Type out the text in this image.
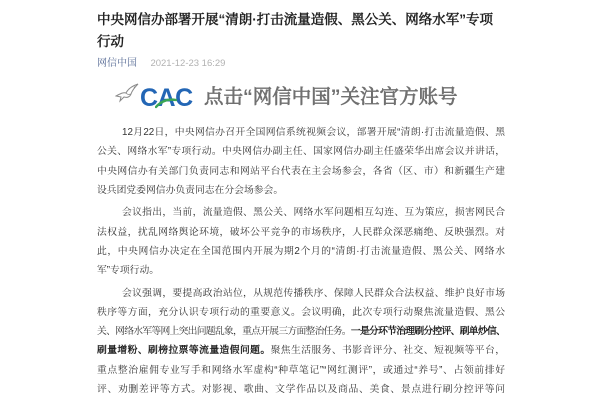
中央网信办部署开展“清朗·打击流量造假、黑公关、网络水军”专项行动
网信中国 2021-12-23 16:29
CAC 点击“网信中国”关注官方账号
12月22日，中央网信办召开全国网信系统视频会议，部署开展“清朗·打击流量造假、黑
公关、网络水军”专项行动。中央网信办副主任、国家网信办副主任盛荣华出席会议并讲话，
中央网信办有关部门负责同志和网站平台代表在主会场参会，各省（区、市）和新疆生产建
设兵团党委网信办负责同志在分会场参会。
会议指出，当前，流量造假、黑公关、网络水军问题相互勾连、互为策应，损害网民合
法权益，扰乱网络舆论环境，破坏公平竞争的市场秩序，人民群众深恶痛绝、反映强烈。对
此，中央网信办决定在全国范围内开展为期2个月的“清朗·打击流量造假、黑公关、网络水
军”专项行动。
会议强调，要提高政治站位，从规范传播秩序、保障人民群众合法权益、维护良好市场
秩序等方面，充分认识专项行动的重要意义。会议明确，此次专项行动聚焦流量造假、黑公
关、网络水军等网上突出问题乱象，重点开展三方面整治任务。一是分环节治理刷分控评、刷单炒信、
刷量增粉、刷榜拉票等流量造假问题。聚焦生活服务、书影音评分、社交、短视频等平台，
重点整治雇佣专业写手和网络水军虚构“种草笔记”“网红测评”，或通过“养号”、占领前排好
评、劝删差评等方式。对影视、歌曲、文学作品以及商品、美食、景点进行刷分控评等问
